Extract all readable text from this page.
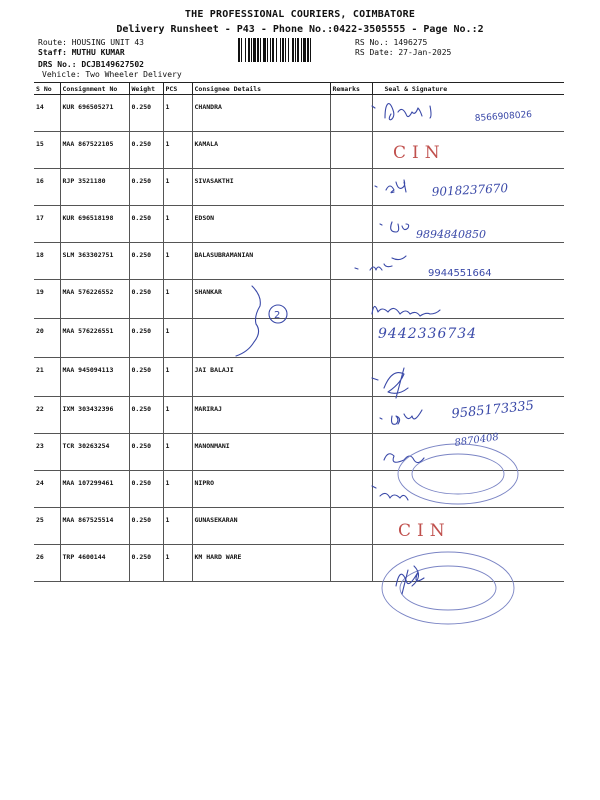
THE PROFESSIONAL COURIERS, COIMBATORE
Delivery Runsheet - P43 - Phone No.:0422-3505555 - Page No.:2
Route: HOUSING UNIT 43
Staff: MUTHU KUMAR
DRS No.: DCJB149627502
Vehicle: Two Wheeler Delivery
RS No.: 1496275
RS Date: 27-Jan-2025
S No	Consignment No	Weight	PCS	Consignee Details	Remarks	Seal & Signature
14	KUR 696505271	0.250	1	CHANDRA		
15	MAA 867522105	0.250	1	KAMALA		
16	RJP 3521180	0.250	1	SIVASAKTHI		
17	KUR 696518198	0.250	1	EDSON		
18	SLM 363302751	0.250	1	BALASUBRAMANIAN		
19	MAA 576226552	0.250	1	SHANKAR		
20	MAA 576226551	0.250	1			
21	MAA 945094113	0.250	1	JAI BALAJI		
22	IXM 303432396	0.250	1	MARIRAJ		
23	TCR 30263254	0.250	1	MANONMANI		
24	MAA 107299461	0.250	1	NIPRO		
25	MAA 867525514	0.250	1	GUNASEKARAN		
26	TRP 4600144	0.250	1	KM HARD WARE		
8566908026
CIN
9018237670
9894840850
9944551664
2
9442336734
9585173335
8870408
CIN
